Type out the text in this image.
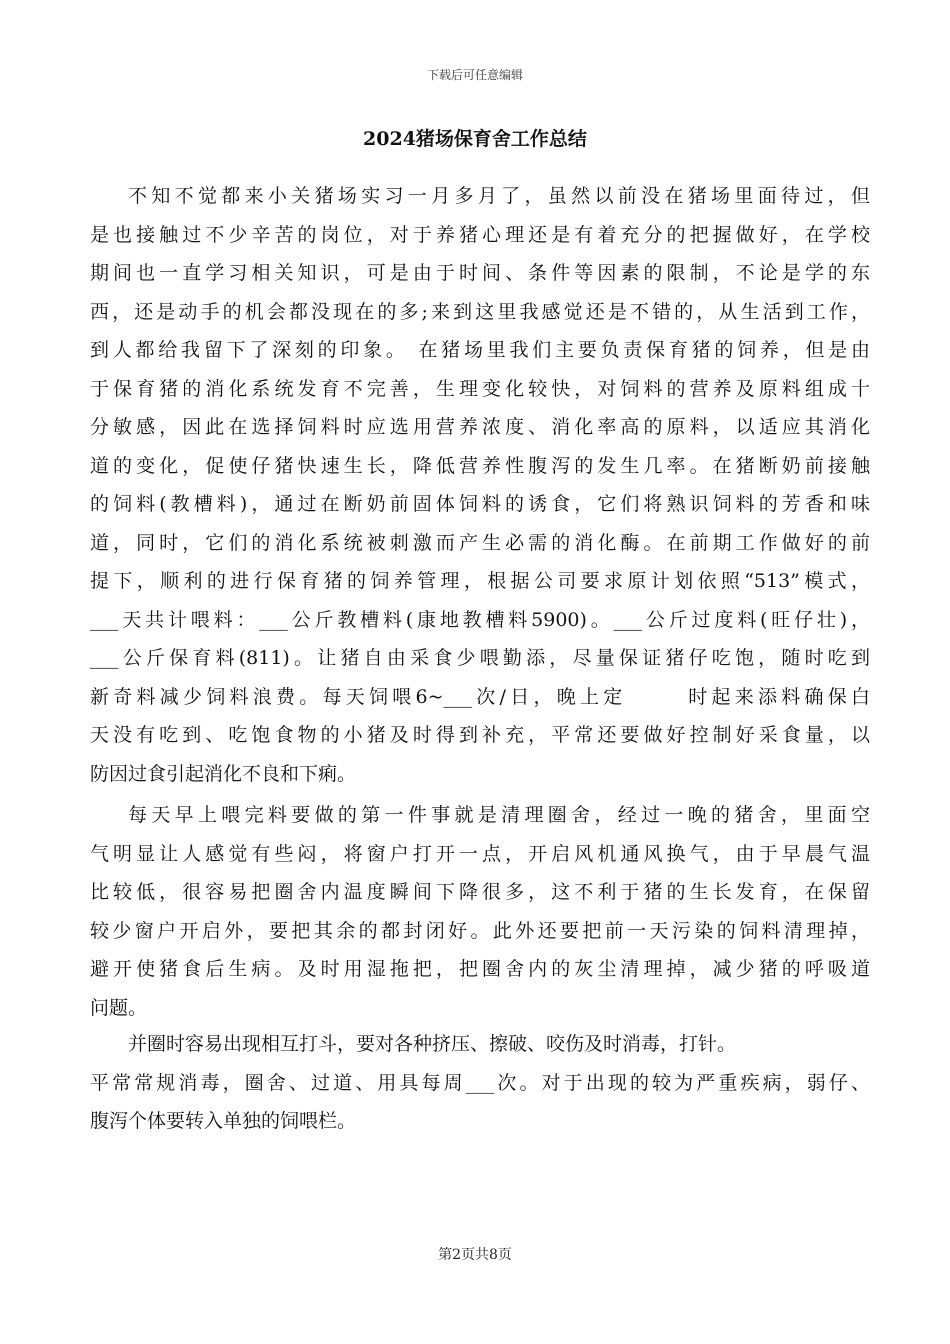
下载后可任意编辑
2024猪场保育舍工作总结
不知不觉都来小关猪场实习一月多月了，虽然以前没在猪场里面待过，但
是也接触过不少辛苦的岗位，对于养猪心理还是有着充分的把握做好，在学校
期间也一直学习相关知识，可是由于时间、条件等因素的限制，不论是学的东
西，还是动手的机会都没现在的多;来到这里我感觉还是不错的，从生活到工作，
到人都给我留下了深刻的印象。 在猪场里我们主要负责保育猪的饲养，但是由
于保育猪的消化系统发育不完善，生理变化较快，对饲料的营养及原料组成十
分敏感，因此在选择饲料时应选用营养浓度、消化率高的原料，以适应其消化
道的变化，促使仔猪快速生长，降低营养性腹泻的发生几率。在猪断奶前接触
的饲料(教槽料)，通过在断奶前固体饲料的诱食，它们将熟识饲料的芳香和味
道，同时，它们的消化系统被刺激而产生必需的消化酶。在前期工作做好的前
提下，顺利的进行保育猪的饲养管理，根据公司要求原计划依照“513”模式，
___天共计喂料：___公斤教槽料(康地教槽料5900)。___公斤过度料(旺仔壮)，
___公斤保育料(811)。让猪自由采食少喂勤添，尽量保证猪仔吃饱，随时吃到
新奇料减少饲料浪费。每天饲喂6~___次/日，晚上定      时起来添料确保白
天没有吃到、吃饱食物的小猪及时得到补充，平常还要做好控制好采食量，以
防因过食引起消化不良和下痢。
每天早上喂完料要做的第一件事就是清理圈舍，经过一晚的猪舍，里面空
气明显让人感觉有些闷，将窗户打开一点，开启风机通风换气，由于早晨气温
比较低，很容易把圈舍内温度瞬间下降很多，这不利于猪的生长发育，在保留
较少窗户开启外，要把其余的都封闭好。此外还要把前一天污染的饲料清理掉，
避开使猪食后生病。及时用湿拖把，把圈舍内的灰尘清理掉，减少猪的呼吸道
问题。
并圈时容易出现相互打斗，要对各种挤压、擦破、咬伤及时消毒，打针。
平常常规消毒，圈舍、过道、用具每周___次。对于出现的较为严重疾病，弱仔、
腹泻个体要转入单独的饲喂栏。
第2页共8页
